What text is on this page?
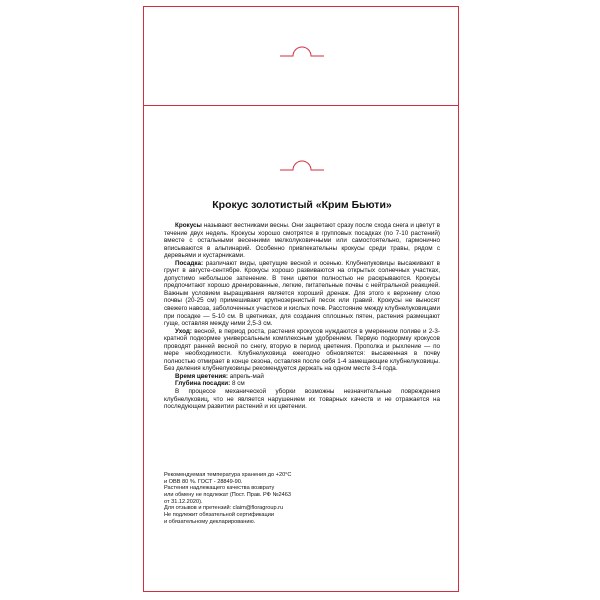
Крокус золотистый «Крим Бьюти»

Крокусы называют вестниками весны. Они зацветают сразу после схода снега и цветут в течение двух недель. Крокусы хорошо смотрятся в групповых посадках (по 7-10 растений) вместе с остальными весенними мелколуковичными или самостоятельно, гармонично вписываются в альпинарий. Особенно привлекательны крокусы среди травы, рядом с деревьями и кустарниками.

Посадка: различают виды, цветущие весной и осенью. Клубнелуковицы высаживают в грунт в августе-сентябре. Крокусы хорошо развиваются на открытых солнечных участках, допустимо небольшое затенение. В тени цветки полностью не раскрываются. Крокусы предпочитают хорошо дренированные, легкие, питательные почвы с нейтральной реакцией. Важным условием выращивания является хороший дренаж. Для этого к верхнему слою почвы (20-25 см) примешивают крупнозернистый песок или гравий. Крокусы не выносят свежего навоза, заболоченных участков и кислых почв. Расстояние между клубнелуковицами при посадке — 5-10 см. В цветниках, для создания сплошных пятен, растения размещают гуще, оставляя между ними 2,5-3 см.

Уход: весной, в период роста, растения крокусов нуждаются в умеренном поливе и 2-3-кратной подкормке универсальным комплексным удобрением. Первую подкормку крокусов проводят ранней весной по снегу, вторую в период цветения. Прополка и рыхление — по мере необходимости. Клубнелуковица ежегодно обновляется: высаженная в почву полностью отмирает в конце сезона, оставляя после себя 1-4 замещающие клубнелуковицы. Без деления клубнелуковицы рекомендуется держать на одном месте 3-4 года.

Время цветения: апрель-май

Глубина посадки: 8 см

В процессе механической уборки возможны незначительные повреждения клубнелуковиц, что не является нарушением их товарных качеств и не отражается на последующем развитии растений и их цветении.

Рекомендуемая температура хранения до +20°С
и ОВВ 80 %. ГОСТ - 28849-90.
Растения надлежащего качества возврату
или обмену не подлежат (Пост. Прав. РФ №2463
от 31.12.2020).
Для отзывов и претензий: claim@floragroup.ru
Не подлежит обязательной сертификации
и обязательному декларированию.
